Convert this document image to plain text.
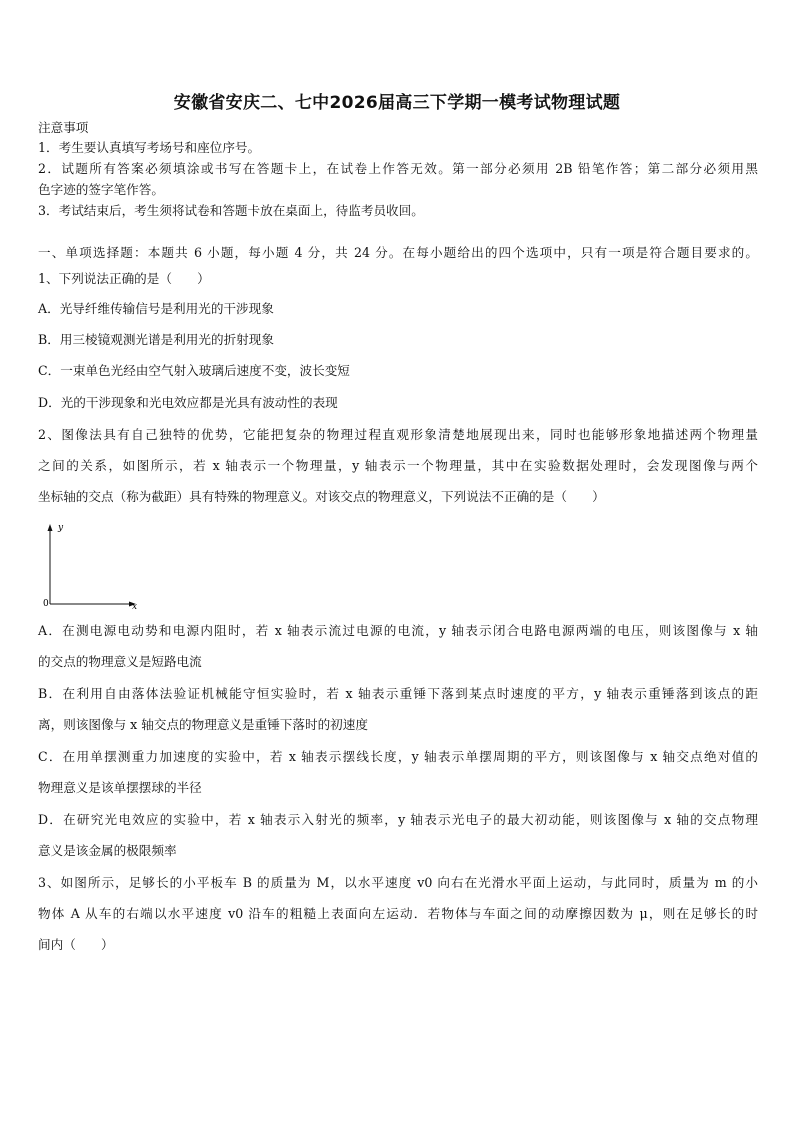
安徽省安庆二、七中2026届高三下学期一模考试物理试题
注意事项
1．考生要认真填写考场号和座位序号。
2．试题所有答案必须填涂或书写在答题卡上，在试卷上作答无效。第一部分必须用 2B 铅笔作答；第二部分必须用黑
色字迹的签字笔作答。
3．考试结束后，考生须将试卷和答题卡放在桌面上，待监考员收回。
一、单项选择题：本题共 6 小题，每小题 4 分，共 24 分。在每小题给出的四个选项中，只有一项是符合题目要求的。
1、下列说法正确的是（　　）
A．光导纤维传输信号是利用光的干涉现象
B．用三棱镜观测光谱是利用光的折射现象
C．一束单色光经由空气射入玻璃后速度不变，波长变短
D．光的干涉现象和光电效应都是光具有波动性的表现
2、图像法具有自己独特的优势，它能把复杂的物理过程直观形象清楚地展现出来，同时也能够形象地描述两个物理量
之间的关系，如图所示，若 x 轴表示一个物理量，y 轴表示一个物理量，其中在实验数据处理时，会发现图像与两个
坐标轴的交点（称为截距）具有特殊的物理意义。对该交点的物理意义，下列说法不正确的是（　　）
y
x
0
A．在测电源电动势和电源内阻时，若 x 轴表示流过电源的电流，y 轴表示闭合电路电源两端的电压，则该图像与 x 轴
的交点的物理意义是短路电流
B．在利用自由落体法验证机械能守恒实验时，若 x 轴表示重锤下落到某点时速度的平方，y 轴表示重锤落到该点的距
离，则该图像与 x 轴交点的物理意义是重锤下落时的初速度
C．在用单摆测重力加速度的实验中，若 x 轴表示摆线长度，y 轴表示单摆周期的平方，则该图像与 x 轴交点绝对值的
物理意义是该单摆摆球的半径
D．在研究光电效应的实验中，若 x 轴表示入射光的频率，y 轴表示光电子的最大初动能，则该图像与 x 轴的交点物理
意义是该金属的极限频率
3、如图所示，足够长的小平板车 B 的质量为 M，以水平速度 v0 向右在光滑水平面上运动，与此同时，质量为 m 的小
物体 A 从车的右端以水平速度 v0 沿车的粗糙上表面向左运动．若物体与车面之间的动摩擦因数为 μ，则在足够长的时
间内（　　）
